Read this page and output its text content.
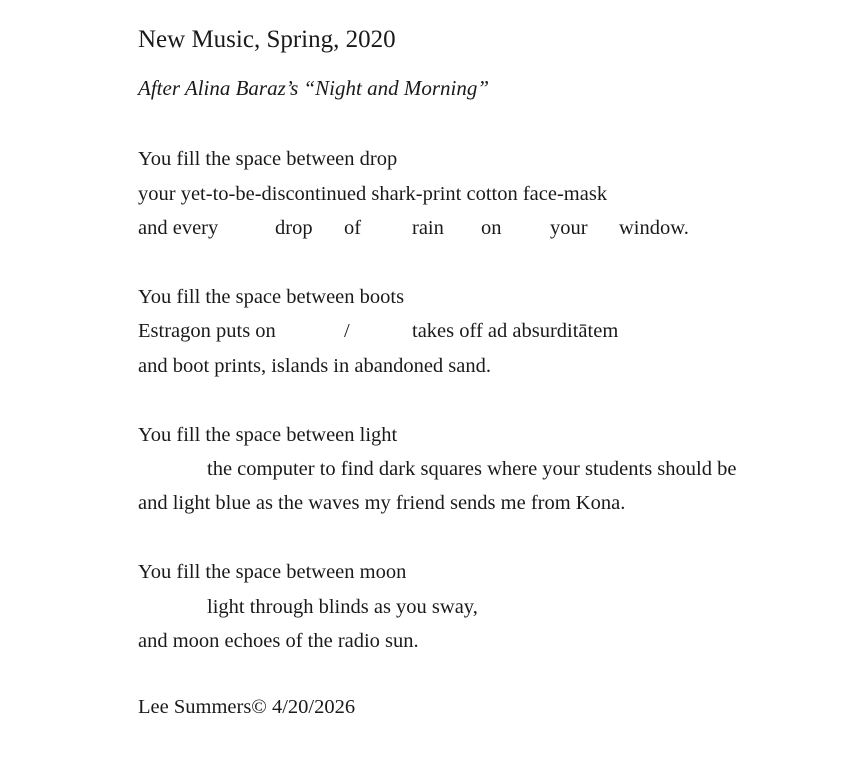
New Music, Spring, 2020
After Alina Baraz’s “Night and Morning”
You fill the space between drop
your yet-to-be-discontinued shark-print cotton face-mask
and every	drop of rain on your window.
You fill the space between boots
Estragon puts on	/	takes off ad absurditātem
and boot prints, islands in abandoned sand.
You fill the space between light
the computer to find dark squares where your students should be
and light blue as the waves my friend sends me from Kona.
You fill the space between moon
light through blinds as you sway,
and moon echoes of the radio sun.
Lee Summers© 4/20/2026
